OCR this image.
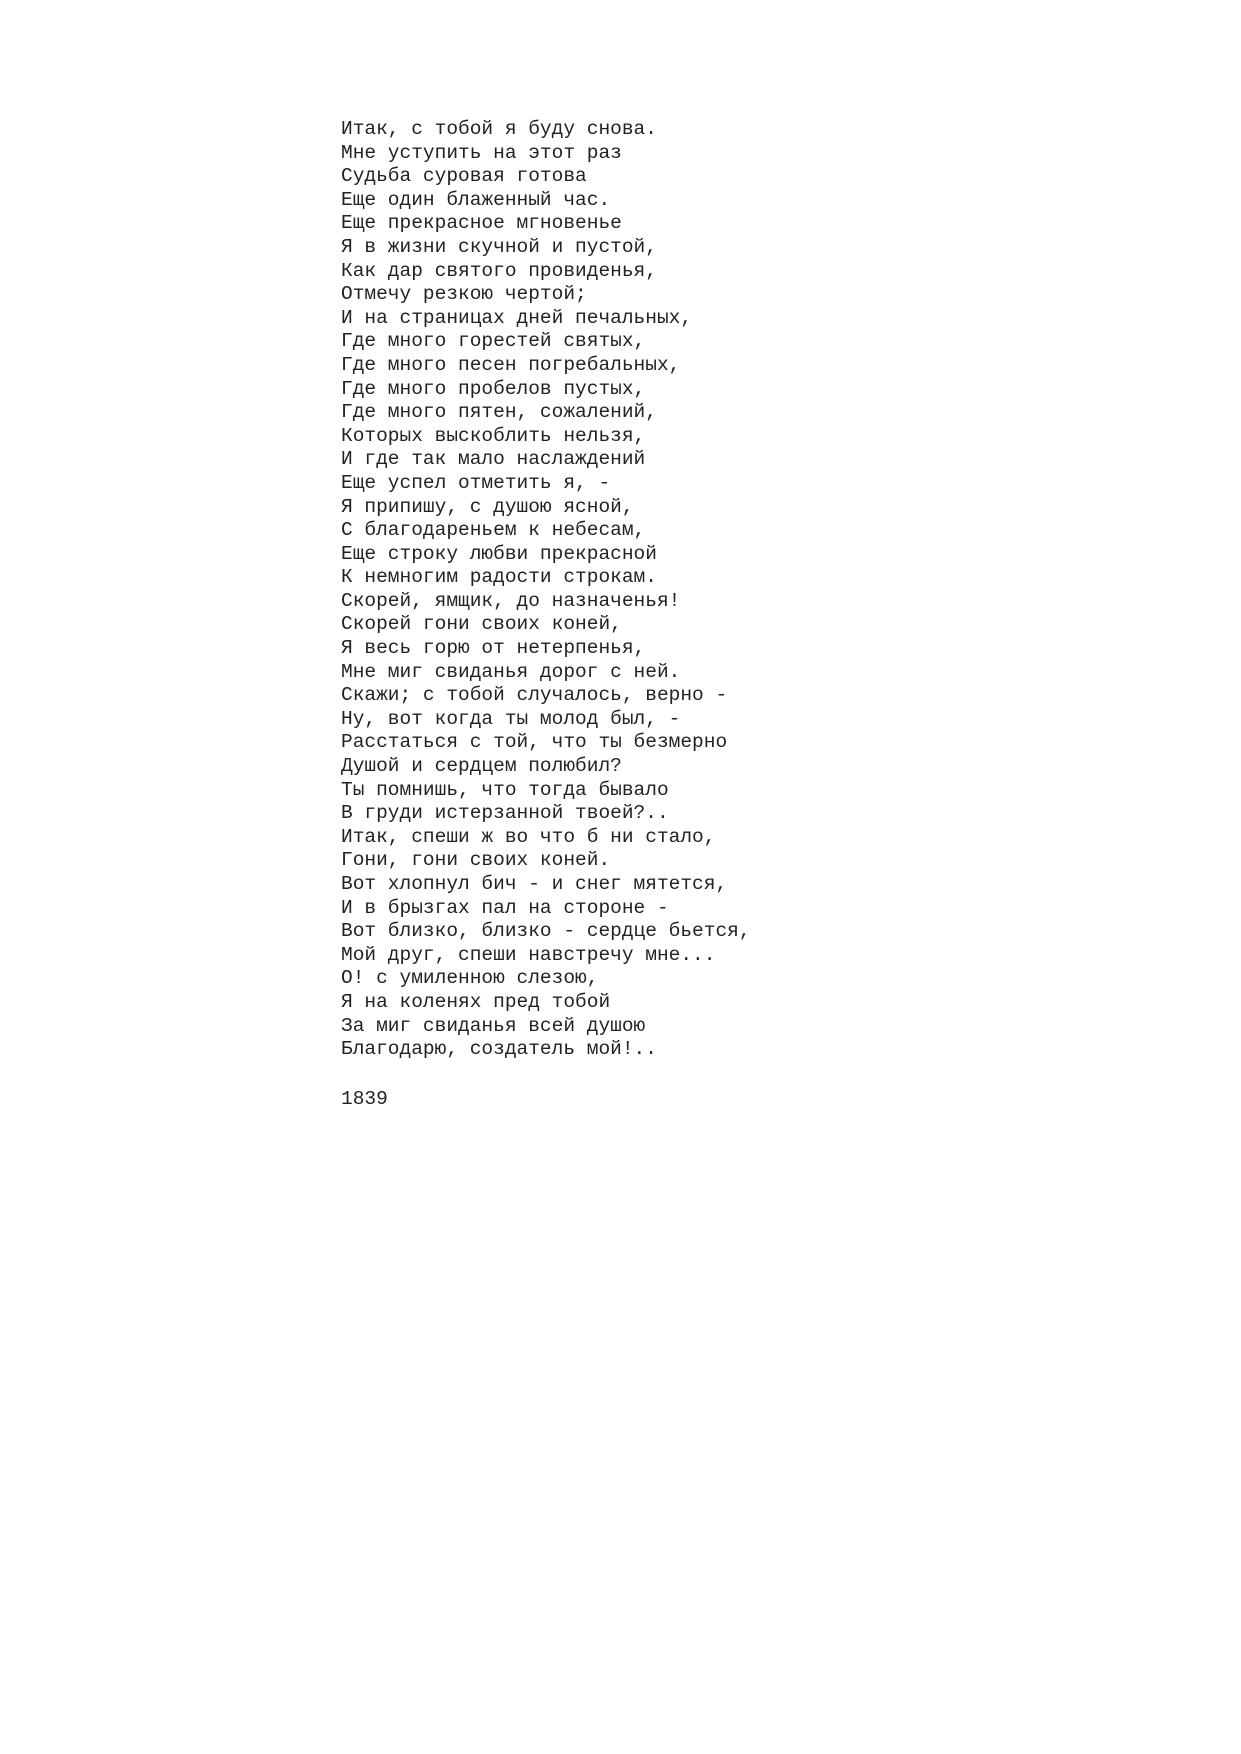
Итак, с тобой я буду снова.
Мне уступить на этот раз
Судьба суровая готова
Еще один блаженный час.
Еще прекрасное мгновенье
Я в жизни скучной и пустой,
Как дар святого провиденья,
Отмечу резкою чертой;
И на страницах дней печальных,
Где много горестей святых,
Где много песен погребальных,
Где много пробелов пустых,
Где много пятен, сожалений,
Которых выскоблить нельзя,
И где так мало наслаждений
Еще успел отметить я, -
Я припишу, с душою ясной,
С благодареньем к небесам,
Еще строку любви прекрасной
К немногим радости строкам.
Скорей, ямщик, до назначенья!
Скорей гони своих коней,
Я весь горю от нетерпенья,
Мне миг свиданья дорог с ней.
Скажи; с тобой случалось, верно -
Ну, вот когда ты молод был, -
Расстаться с той, что ты безмерно
Душой и сердцем полюбил?
Ты помнишь, что тогда бывало
В груди истерзанной твоей?..
Итак, спеши ж во что б ни стало,
Гони, гони своих коней.
Вот хлопнул бич - и снег мятется,
И в брызгах пал на стороне -
Вот близко, близко - сердце бьется,
Мой друг, спеши навстречу мне...
О! с умиленною слезою,
Я на коленях пред тобой
За миг свиданья всей душою
Благодарю, создатель мой!..

1839
